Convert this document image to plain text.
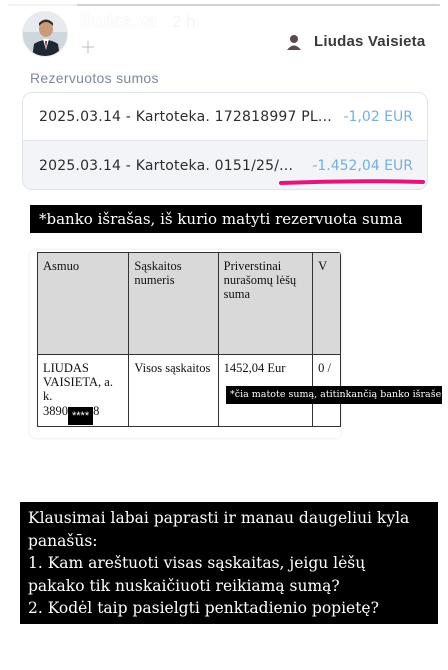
liudas.va 2 h
See translation	Liudas Vaisieta
Rezervuotos sumos
2025.03.14 - Kartoteka. 172818997 PL... -1,02 EUR
2025.03.14 - Kartoteka. 0151/25/... -1.452,04 EUR
*banko išrašas, iš kurio matyti rezervuota suma
Asmuo	Sąskaitos numeris	Priverstinai nurašomų lėšų suma	V
LIUDAS VAISIETA, a. k.
3890 **** 8	Visos sąskaitos	1452,04 Eur	0 /
*čia matote sumą, atitinkančią banko išraše
Klausimai labai paprasti ir manau daugeliui kyla
panašūs:
1. Kam areštuoti visas sąskaitas, jeigu lėšų
pakako tik nuskaičiuoti reikiamą sumą?
2. Kodėl taip pasielgti penktadienio popietę?
